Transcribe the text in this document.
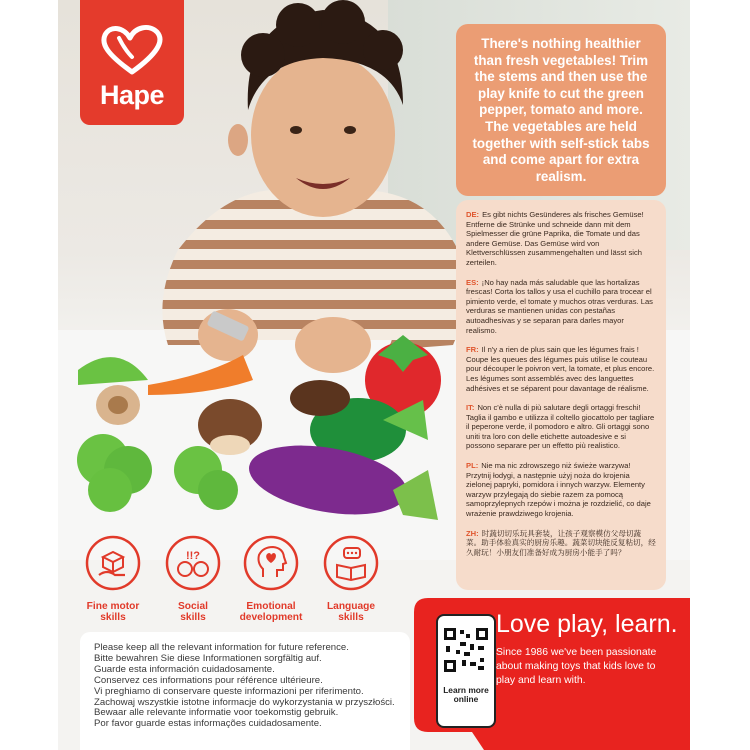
Hape
There's nothing healthier than fresh vegetables! Trim the stems and then use the play knife to cut the green pepper, tomato and more. The vegetables are held together with self-stick tabs and come apart for extra realism.

DE: Es gibt nichts Gesünderes als frisches Gemüse! Entferne die Strünke und schneide dann mit dem Spielmesser die grüne Paprika, die Tomate und das andere Gemüse. Das Gemüse wird von Klettverschlüssen zusammengehalten und lässt sich zerteilen.

ES: ¡No hay nada más saludable que las hortalizas frescas! Corta los tallos y usa el cuchillo para trocear el pimiento verde, el tomate y muchos otras verduras. Las verduras se mantienen unidas con pestañas autoadhesivas y se separan para darles mayor realismo.

FR: Il n'y a rien de plus sain que les légumes frais ! Coupe les queues des légumes puis utilise le couteau pour découper le poivron vert, la tomate, et plus encore. Les légumes sont assemblés avec des languettes adhésives et se séparent pour davantage de réalisme.

IT: Non c'è nulla di più salutare degli ortaggi freschi! Taglia il gambo e utilizza il coltello giocattolo per tagliare il peperone verde, il pomodoro e altro. Gli ortaggi sono uniti tra loro con delle etichette autoadesive e si possono separare per un effetto più realistico.

PL: Nie ma nic zdrowszego niż świeże warzywa! Przytnij łodygi, a następnie użyj noża do krojenia zielonej papryki, pomidora i innych warzyw. Elementy warzyw przylegają do siebie razem za pomocą samoprzylepnych rzepów i można je rozdzielić, co daje wrażenie prawdziwego krojenia.

ZH: 时蔬切切乐玩具套装，让孩子观察模仿父母切蔬菜。助手体验真实的厨房乐趣。蔬菜切块能反复粘切，经久耐玩！小朋友们准备好成为厨房小能手了吗？

Fine motor
skills
!!?
Social
skills
Emotional
development
Language
skills
Please keep all the relevant information for future reference.
Bitte bewahren Sie diese Informationen sorgfältig auf.
Guarde esta información cuidadosamente.
Conservez ces informations pour référence ultérieure.
Vi preghiamo di conservare queste informazioni per riferimento.
Zachowaj wszystkie istotne informacje do wykorzystania w przyszłości.
Bewaar alle relevante informatie voor toekomstig gebruik.
Por favor guarde estas informações cuidadosamente.
Love play, learn.
Since 1986 we've been passionate about making toys that kids love to play and learn with.
Learn more online
